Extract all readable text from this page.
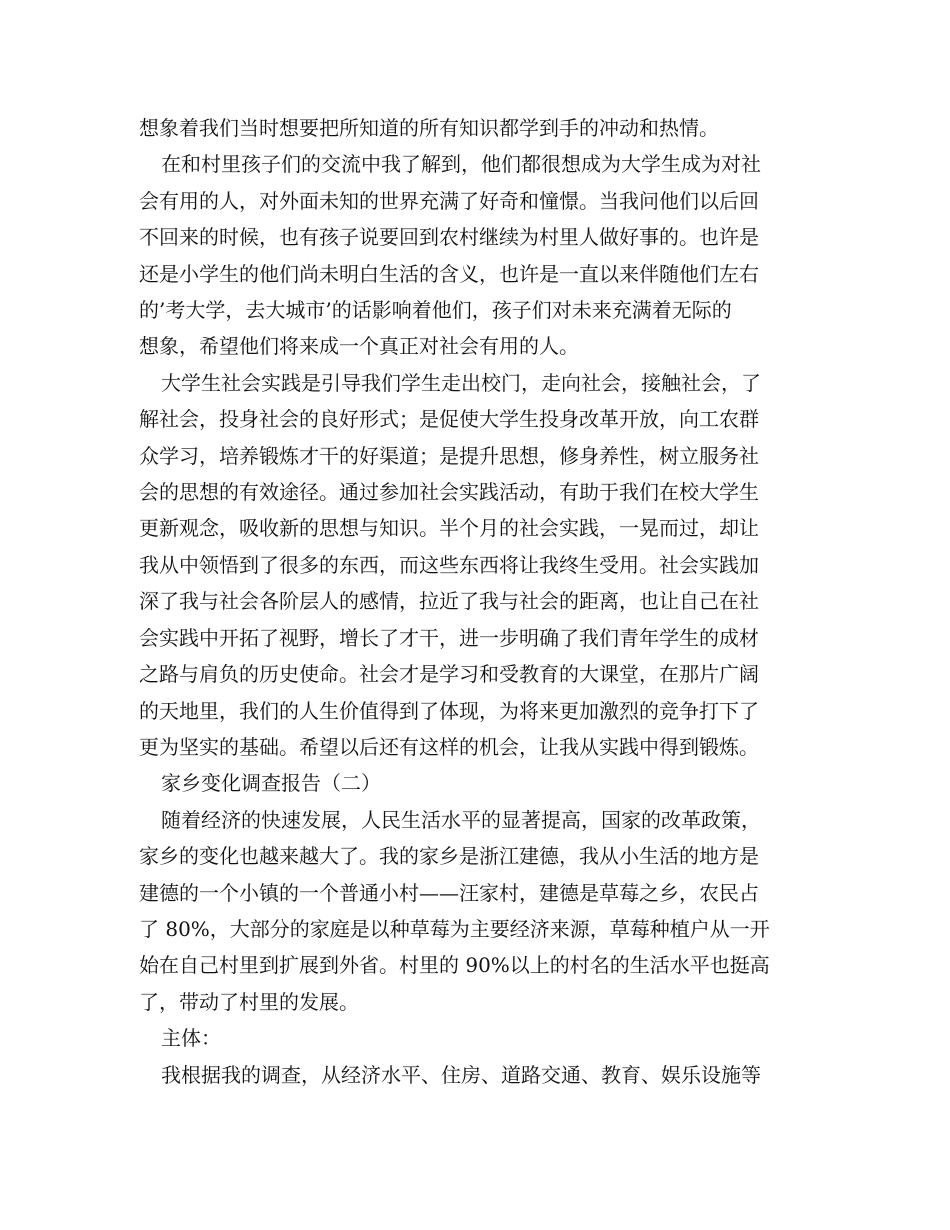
想象着我们当时想要把所知道的所有知识都学到手的冲动和热情。

在和村里孩子们的交流中我了解到，他们都很想成为大学生成为对社
会有用的人，对外面未知的世界充满了好奇和憧憬。当我问他们以后回
不回来的时候，也有孩子说要回到农村继续为村里人做好事的。也许是
还是小学生的他们尚未明白生活的含义，也许是一直以来伴随他们左右
的’考大学，去大城市’的话影响着他们，孩子们对未来充满着无际的
想象，希望他们将来成一个真正对社会有用的人。

大学生社会实践是引导我们学生走出校门，走向社会，接触社会，了
解社会，投身社会的良好形式；是促使大学生投身改革开放，向工农群
众学习，培养锻炼才干的好渠道；是提升思想，修身养性，树立服务社
会的思想的有效途径。通过参加社会实践活动，有助于我们在校大学生
更新观念，吸收新的思想与知识。半个月的社会实践，一晃而过，却让
我从中领悟到了很多的东西，而这些东西将让我终生受用。社会实践加
深了我与社会各阶层人的感情，拉近了我与社会的距离，也让自己在社
会实践中开拓了视野，增长了才干，进一步明确了我们青年学生的成材
之路与肩负的历史使命。社会才是学习和受教育的大课堂，在那片广阔
的天地里，我们的人生价值得到了体现，为将来更加激烈的竞争打下了
更为坚实的基础。希望以后还有这样的机会，让我从实践中得到锻炼。

家乡变化调查报告（二）

随着经济的快速发展，人民生活水平的显著提高，国家的改革政策，
家乡的变化也越来越大了。我的家乡是浙江建德，我从小生活的地方是
建德的一个小镇的一个普通小村——汪家村，建德是草莓之乡，农民占
了 80%，大部分的家庭是以种草莓为主要经济来源，草莓种植户从一开
始在自己村里到扩展到外省。村里的 90%以上的村名的生活水平也挺高
了，带动了村里的发展。

主体：

我根据我的调查，从经济水平、住房、道路交通、教育、娱乐设施等
